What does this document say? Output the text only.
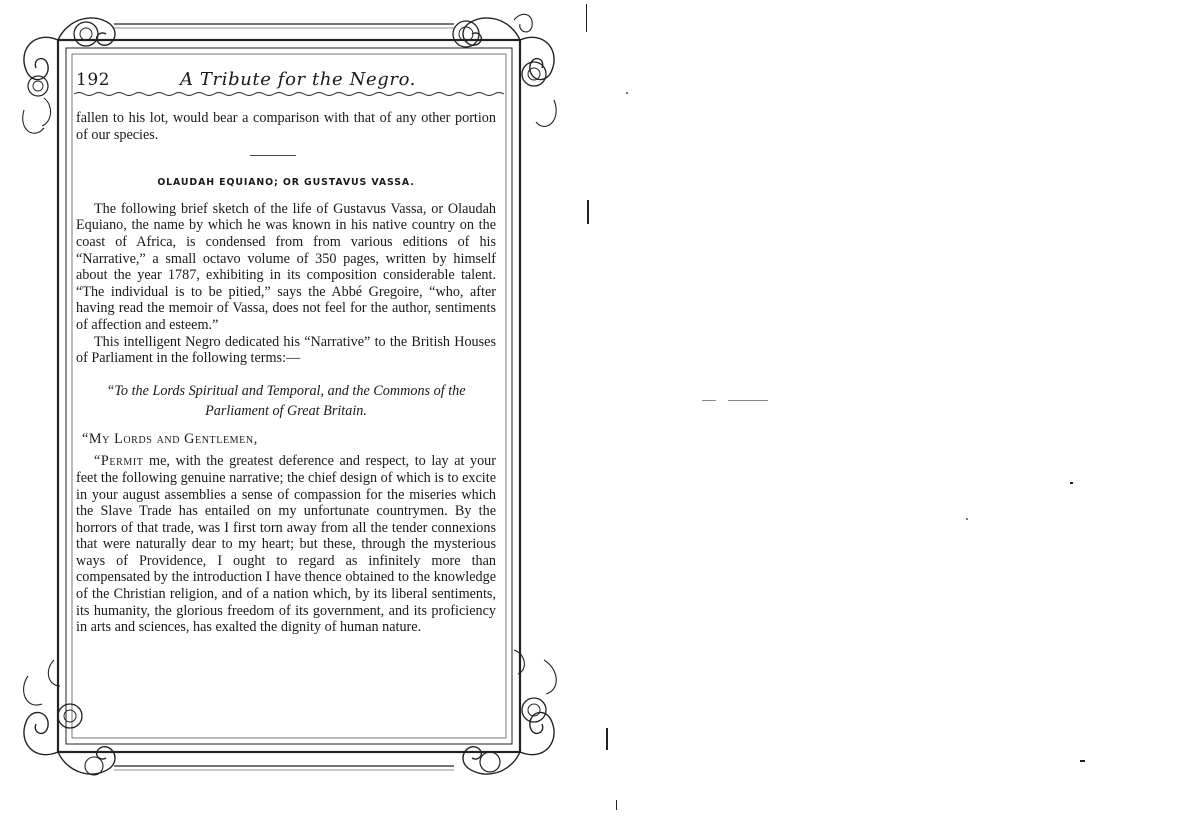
192	A Tribute for the Negro.

fallen to his lot, would bear a comparison with that of any other portion of our species.

OLAUDAH EQUIANO; OR GUSTAVUS VASSA.

The following brief sketch of the life of Gustavus Vassa, or Olaudah Equiano, the name by which he was known in his native country on the coast of Africa, is condensed from from various editions of his “Narrative,” a small octavo volume of 350 pages, written by himself about the year 1787, exhibiting in its composition considerable talent. “The individual is to be pitied,” says the Abbé Gregoire, “who, after having read the memoir of Vassa, does not feel for the author, sentiments of affection and esteem.”

This intelligent Negro dedicated his “Narrative” to the British Houses of Parliament in the following terms:—

“To the Lords Spiritual and Temporal, and the Commons of the Parliament of Great Britain.

“My Lords and Gentlemen,

“Permit me, with the greatest deference and respect, to lay at your feet the following genuine narrative; the chief design of which is to excite in your august assemblies a sense of compassion for the miseries which the Slave Trade has entailed on my unfortunate countrymen. By the horrors of that trade, was I first torn away from all the tender connexions that were naturally dear to my heart; but these, through the mysterious ways of Providence, I ought to regard as infinitely more than compensated by the introduction I have thence obtained to the knowledge of the Christian religion, and of a nation which, by its liberal sentiments, its humanity, the glorious freedom of its government, and its proficiency in arts and sciences, has exalted the dignity of human nature.
